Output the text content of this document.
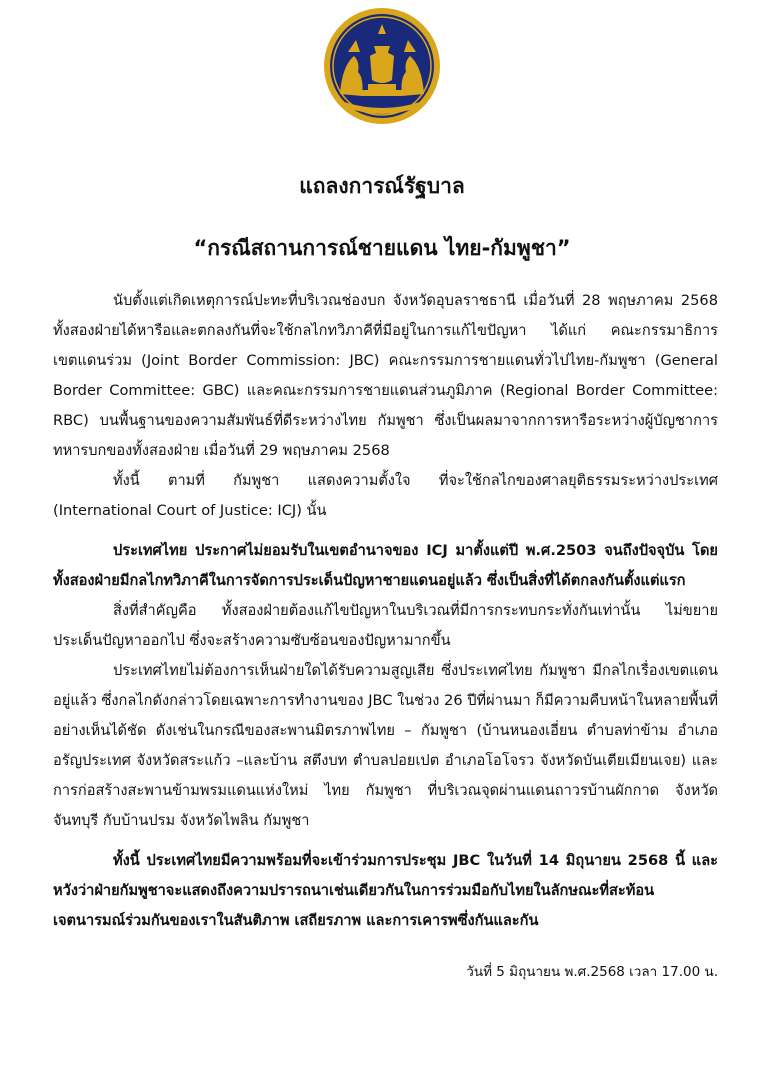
แถลงการณ์รัฐบาล
“กรณีสถานการณ์ชายแดน ไทย-กัมพูชา”

นับตั้งแต่เกิดเหตุการณ์ปะทะที่บริเวณช่องบก จังหวัดอุบลราชธานี เมื่อวันที่ 28 พฤษภาคม 2568 ทั้งสองฝ่ายได้หารือและตกลงกันที่จะใช้กลไกทวิภาคีที่มีอยู่ในการแก้ไขปัญหา ได้แก่ คณะกรรมาธิการเขตแดนร่วม (Joint Border Commission: JBC) คณะกรรมการชายแดนทั่วไปไทย-กัมพูชา (General Border Committee: GBC) และคณะกรรมการชายแดนส่วนภูมิภาค (Regional Border Committee: RBC) บนพื้นฐานของความสัมพันธ์ที่ดีระหว่างไทย กัมพูชา ซึ่งเป็นผลมาจากการหารือระหว่างผู้บัญชาการทหารบกของทั้งสองฝ่าย เมื่อวันที่ 29 พฤษภาคม 2568

ทั้งนี้ ตามที่ กัมพูชา แสดงความตั้งใจ ที่จะใช้กลไกของศาลยุติธรรมระหว่างประเทศ (International Court of Justice: ICJ) นั้น

ประเทศไทย ประกาศไม่ยอมรับในเขตอำนาจของ ICJ มาตั้งแต่ปี พ.ศ.2503 จนถึงปัจจุบัน โดยทั้งสองฝ่ายมีกลไกทวิภาคีในการจัดการประเด็นปัญหาชายแดนอยู่แล้ว ซึ่งเป็นสิ่งที่ได้ตกลงกันตั้งแต่แรก

สิ่งที่สำคัญคือ ทั้งสองฝ่ายต้องแก้ไขปัญหาในบริเวณที่มีการกระทบกระทั่งกันเท่านั้น ไม่ขยายประเด็นปัญหาออกไป ซึ่งจะสร้างความซับซ้อนของปัญหามากขึ้น

ประเทศไทยไม่ต้องการเห็นฝ่ายใดได้รับความสูญเสีย ซึ่งประเทศไทย กัมพูชา มีกลไกเรื่องเขตแดนอยู่แล้ว ซึ่งกลไกดังกล่าวโดยเฉพาะการทำงานของ JBC ในช่วง 26 ปีที่ผ่านมา ก็มีความคืบหน้าในหลายพื้นที่อย่างเห็นได้ชัด ดังเช่นในกรณีของสะพานมิตรภาพไทย – กัมพูชา (บ้านหนองเอี่ยน ตำบลท่าข้าม อำเภออรัญประเทศ จังหวัดสระแก้ว –และบ้าน สตึงบท ตำบลปอยเปต อำเภอโอโจรว จังหวัดบันเตียเมียนเจย) และการก่อสร้างสะพานข้ามพรมแดนแห่งใหม่ ไทย กัมพูชา ที่บริเวณจุดผ่านแดนถาวรบ้านผักกาด จังหวัดจันทบุรี กับบ้านปรม จังหวัดไพลิน กัมพูชา

ทั้งนี้ ประเทศไทยมีความพร้อมที่จะเข้าร่วมการประชุม JBC ในวันที่ 14 มิถุนายน 2568 นี้ และหวังว่าฝ่ายกัมพูชาจะแสดงถึงความปรารถนาเช่นเดียวกันในการร่วมมือกับไทยในลักษณะที่สะท้อนเจตนารมณ์ร่วมกันของเราในสันติภาพ เสถียรภาพ และการเคารพซึ่งกันและกัน

วันที่ 5 มิถุนายน พ.ศ.2568 เวลา 17.00 น.
